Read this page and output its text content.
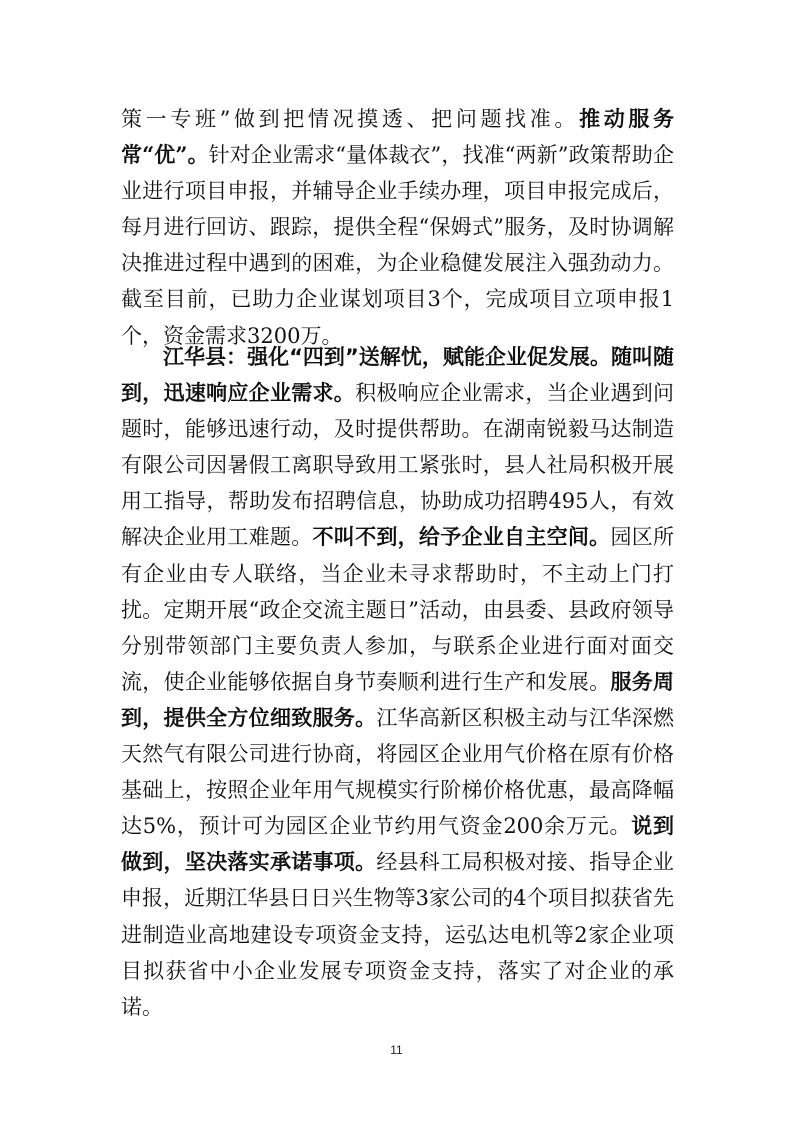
策一专班”做到把情况摸透、把问题找准。推动服务常“优”。针对企业需求“量体裁衣”，找准“两新”政策帮助企业进行项目申报，并辅导企业手续办理，项目申报完成后，每月进行回访、跟踪，提供全程“保姆式”服务，及时协调解决推进过程中遇到的困难，为企业稳健发展注入强劲动力。截至目前，已助力企业谋划项目3个，完成项目立项申报1个，资金需求3200万。
江华县：强化“四到”送解忧，赋能企业促发展。随叫随到，迅速响应企业需求。积极响应企业需求，当企业遇到问题时，能够迅速行动，及时提供帮助。在湖南锐毅马达制造有限公司因暑假工离职导致用工紧张时，县人社局积极开展用工指导，帮助发布招聘信息，协助成功招聘495人，有效解决企业用工难题。不叫不到，给予企业自主空间。园区所有企业由专人联络，当企业未寻求帮助时，不主动上门打扰。定期开展“政企交流主题日”活动，由县委、县政府领导分别带领部门主要负责人参加，与联系企业进行面对面交流，使企业能够依据自身节奏顺利进行生产和发展。服务周到，提供全方位细致服务。江华高新区积极主动与江华深燃天然气有限公司进行协商，将园区企业用气价格在原有价格基础上，按照企业年用气规模实行阶梯价格优惠，最高降幅达5%，预计可为园区企业节约用气资金200余万元。说到做到，坚决落实承诺事项。经县科工局积极对接、指导企业申报，近期江华县日日兴生物等3家公司的4个项目拟获省先进制造业高地建设专项资金支持，运弘达电机等2家企业项目拟获省中小企业发展专项资金支持，落实了对企业的承诺。
11
